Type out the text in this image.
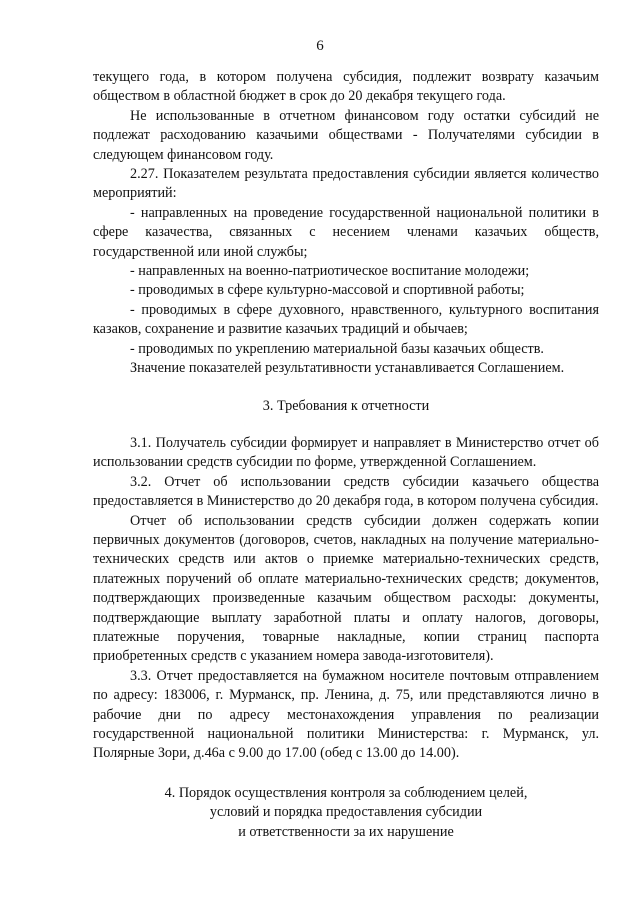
6

текущего года, в котором получена субсидия, подлежит возврату казачьим обществом в областной бюджет в срок до 20 декабря текущего года.

Не использованные в отчетном финансовом году остатки субсидий не подлежат расходованию казачьими обществами - Получателями субсидии в следующем финансовом году.

2.27. Показателем результата предоставления субсидии является количество мероприятий:

- направленных на проведение государственной национальной политики в сфере казачества, связанных с несением членами казачьих обществ, государственной или иной службы;

- направленных на военно-патриотическое воспитание молодежи;

- проводимых в сфере культурно-массовой и спортивной работы;

- проводимых в сфере духовного, нравственного, культурного воспитания казаков, сохранение и развитие казачьих традиций и обычаев;

- проводимых по укреплению материальной базы казачьих обществ.

Значение показателей результативности устанавливается Соглашением.

3. Требования к отчетности

3.1. Получатель субсидии формирует и направляет в Министерство отчет об использовании средств субсидии по форме, утвержденной Соглашением.

3.2. Отчет об использовании средств субсидии казачьего общества предоставляется в Министерство до 20 декабря года, в котором получена субсидия.

Отчет об использовании средств субсидии должен содержать копии первичных документов (договоров, счетов, накладных на получение материально-технических средств или актов о приемке материально-технических средств, платежных поручений об оплате материально-технических средств; документов, подтверждающих произведенные казачьим обществом расходы: документы, подтверждающие выплату заработной платы и оплату налогов, договоры, платежные поручения, товарные накладные, копии страниц паспорта приобретенных средств с указанием номера завода-изготовителя).

3.3. Отчет предоставляется на бумажном носителе почтовым отправлением по адресу: 183006, г. Мурманск, пр. Ленина, д. 75, или представляются лично в рабочие дни по адресу местонахождения управления по реализации государственной национальной политики Министерства: г. Мурманск, ул. Полярные Зори, д.46а с 9.00 до 17.00 (обед с 13.00 до 14.00).

4. Порядок осуществления контроля за соблюдением целей,
условий и порядка предоставления субсидии
и ответственности за их нарушение
